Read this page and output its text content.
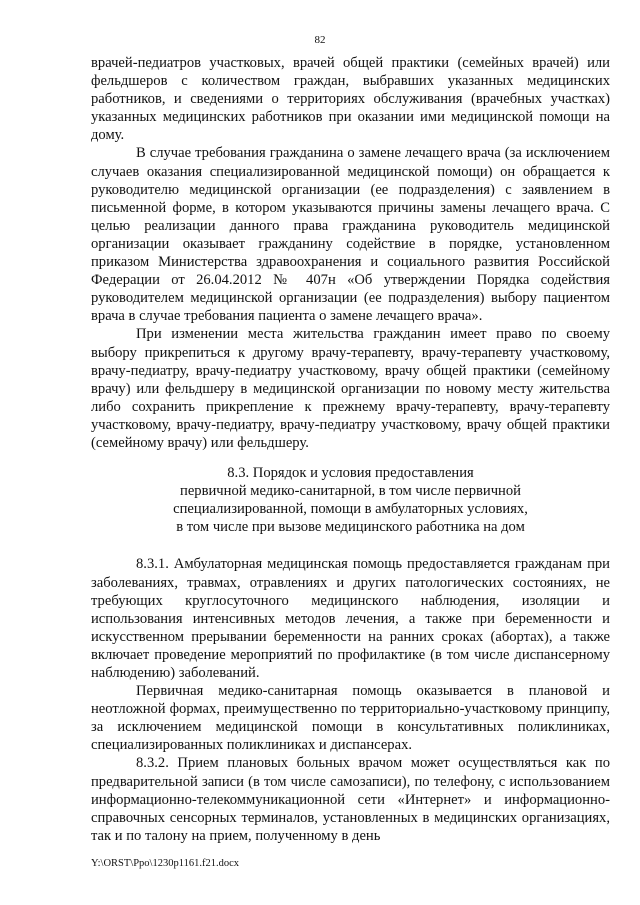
82

врачей-педиатров участковых, врачей общей практики (семейных врачей) или фельдшеров с количеством граждан, выбравших указанных медицинских работников, и сведениями о территориях обслуживания (врачебных участках) указанных медицинских работников при оказании ими медицинской помощи на дому.

В случае требования гражданина о замене лечащего врача (за исключением случаев оказания специализированной медицинской помощи) он обращается к руководителю медицинской организации (ее подразделения) с заявлением в письменной форме, в котором указываются причины замены лечащего врача. С целью реализации данного права гражданина руководитель медицинской организации оказывает гражданину содействие в порядке, установленном приказом Министерства здравоохранения и социального развития Российской Федерации от 26.04.2012 № 407н «Об утверждении Порядка содействия руководителем медицинской организации (ее подразделения) выбору пациентом врача в случае требования пациента о замене лечащего врача».

При изменении места жительства гражданин имеет право по своему выбору прикрепиться к другому врачу-терапевту, врачу-терапевту участковому, врачу-педиатру, врачу-педиатру участковому, врачу общей практики (семейному врачу) или фельдшеру в медицинской организации по новому месту жительства либо сохранить прикрепление к прежнему врачу-терапевту, врачу-терапевту участковому, врачу-педиатру, врачу-педиатру участковому, врачу общей практики (семейному врачу) или фельдшеру.

8.3. Порядок и условия предоставления
первичной медико-санитарной, в том числе первичной
специализированной, помощи в амбулаторных условиях,
в том числе при вызове медицинского работника на дом

8.3.1. Амбулаторная медицинская помощь предоставляется гражданам при заболеваниях, травмах, отравлениях и других патологических состояниях, не требующих круглосуточного медицинского наблюдения, изоляции и использования интенсивных методов лечения, а также при беременности и искусственном прерывании беременности на ранних сроках (абортах), а также включает проведение мероприятий по профилактике (в том числе диспансерному наблюдению) заболеваний.

Первичная медико-санитарная помощь оказывается в плановой и неотложной формах, преимущественно по территориально-участковому принципу, за исключением медицинской помощи в консультативных поликлиниках, специализированных поликлиниках и диспансерах.

8.3.2. Прием плановых больных врачом может осуществляться как по предварительной записи (в том числе самозаписи), по телефону, с использованием информационно-телекоммуникационной сети «Интернет» и информационно-справочных сенсорных терминалов, установленных в медицинских организациях, так и по талону на прием, полученному в день

Y:\ORST\Ppo\1230p1161.f21.docx
